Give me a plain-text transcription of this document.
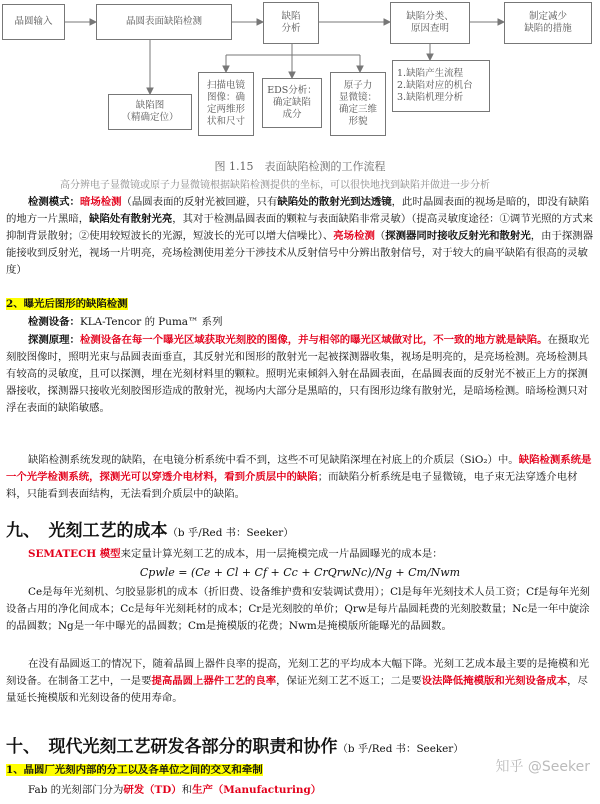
晶圆输入	晶圆表面缺陷检测	缺陷
分析
缺陷分类、
原因查明
制定减少
缺陷的措施
缺陷图
（精确定位）
扫描电镜
图像：确
定两维形
状和尺寸
EDS分析：
确定缺陷
成分
原子力
显微镜：
确定三维
形貌
1.缺陷产生流程
2.缺陷对应的机台
3.缺陷机理分析
图 1.15　表面缺陷检测的工作流程
高分辨电子显微镜或原子力显微镜根据缺陷检测提供的坐标，可以很快地找到缺陷并做进一步分析

检测模式：暗场检测（晶圆表面的反射光被回避，只有缺陷处的散射光到达透镜，此时晶圆表面的视场是暗的，即没有缺陷的地方一片黑暗，缺陷处有散射光亮，其对于检测晶圆表面的颗粒与表面缺陷非常灵敏）（提高灵敏度途径：①调节光照的方式来抑制背景散射；②使用较短波长的光源，短波长的光可以增大信噪比）、亮场检测（探测器同时接收反射光和散射光，由于探测器能接收到反射光，视场一片明亮，亮场检测使用差分干涉技术从反射信号中分辨出散射信号，对于较大的扁平缺陷有很高的灵敏度）

2、曝光后图形的缺陷检测

检测设备：KLA-Tencor 的 Puma™ 系列

探测原理：检测设备在每一个曝光区域获取光刻胶的图像，并与相邻的曝光区域做对比，不一致的地方就是缺陷。在摄取光刻胶图像时，照明光束与晶圆表面垂直，其反射光和图形的散射光一起被探测器收集，视场是明亮的，是亮场检测。亮场检测具有较高的灵敏度，且可以探测，埋在光刻材料里的颗粒。照明光束倾斜入射在晶圆表面，在晶圆表面的反射光不被正上方的探测器接收，探测器只接收光刻胶图形造成的散射光，视场内大部分是黑暗的，只有图形边缘有散射光，是暗场检测。暗场检测只对浮在表面的缺陷敏感。

缺陷检测系统发现的缺陷，在电镜分析系统中看不到，这些不可见缺陷深埋在衬底上的介质层（SiO₂）中。缺陷检测系统是一个光学检测系统，探测光可以穿透介电材料，看到介质层中的缺陷；而缺陷分析系统是电子显微镜，电子束无法穿透介电材料，只能看到表面结构，无法看到介质层中的缺陷。

九、　光刻工艺的成本（b 乎/Red 书：Seeker）

SEMATECH 模型来定量计算光刻工艺的成本，用一层掩模完成一片晶圆曝光的成本是：

Cpwle = (Ce + Cl + Cf + Cc + CrQrwNc)/Ng + Cm/Nwm

Ce是每年光刻机、匀胶显影机的成本（折旧费、设备维护费和安装调试费用）；Cl是每年光刻技术人员工资；Cf是每年光刻设备占用的净化间成本；Cc是每年光刻耗材的成本；Cr是光刻胶的单价；Qrw是每片晶圆耗费的光刻胶数量；Nc是一年中旋涂的晶圆数；Ng是一年中曝光的晶圆数；Cm是掩模版的花费；Nwm是掩模版所能曝光的晶圆数。

在没有晶圆返工的情况下，随着晶圆上器件良率的提高，光刻工艺的平均成本大幅下降。光刻工艺成本最主要的是掩模和光刻设备。在制备工艺中，一是要提高晶圆上器件工艺的良率，保证光刻工艺不返工；二是要设法降低掩模版和光刻设备成本，尽量延长掩模版和光刻设备的使用寿命。

十、　现代光刻工艺研发各部分的职责和协作（b 乎/Red 书：Seeker）
1、晶圆厂光刻内部的分工以及各单位之间的交叉和牵制

Fab 的光刻部门分为研发（TD）和生产（Manufacturing）

知乎 @Seeker
